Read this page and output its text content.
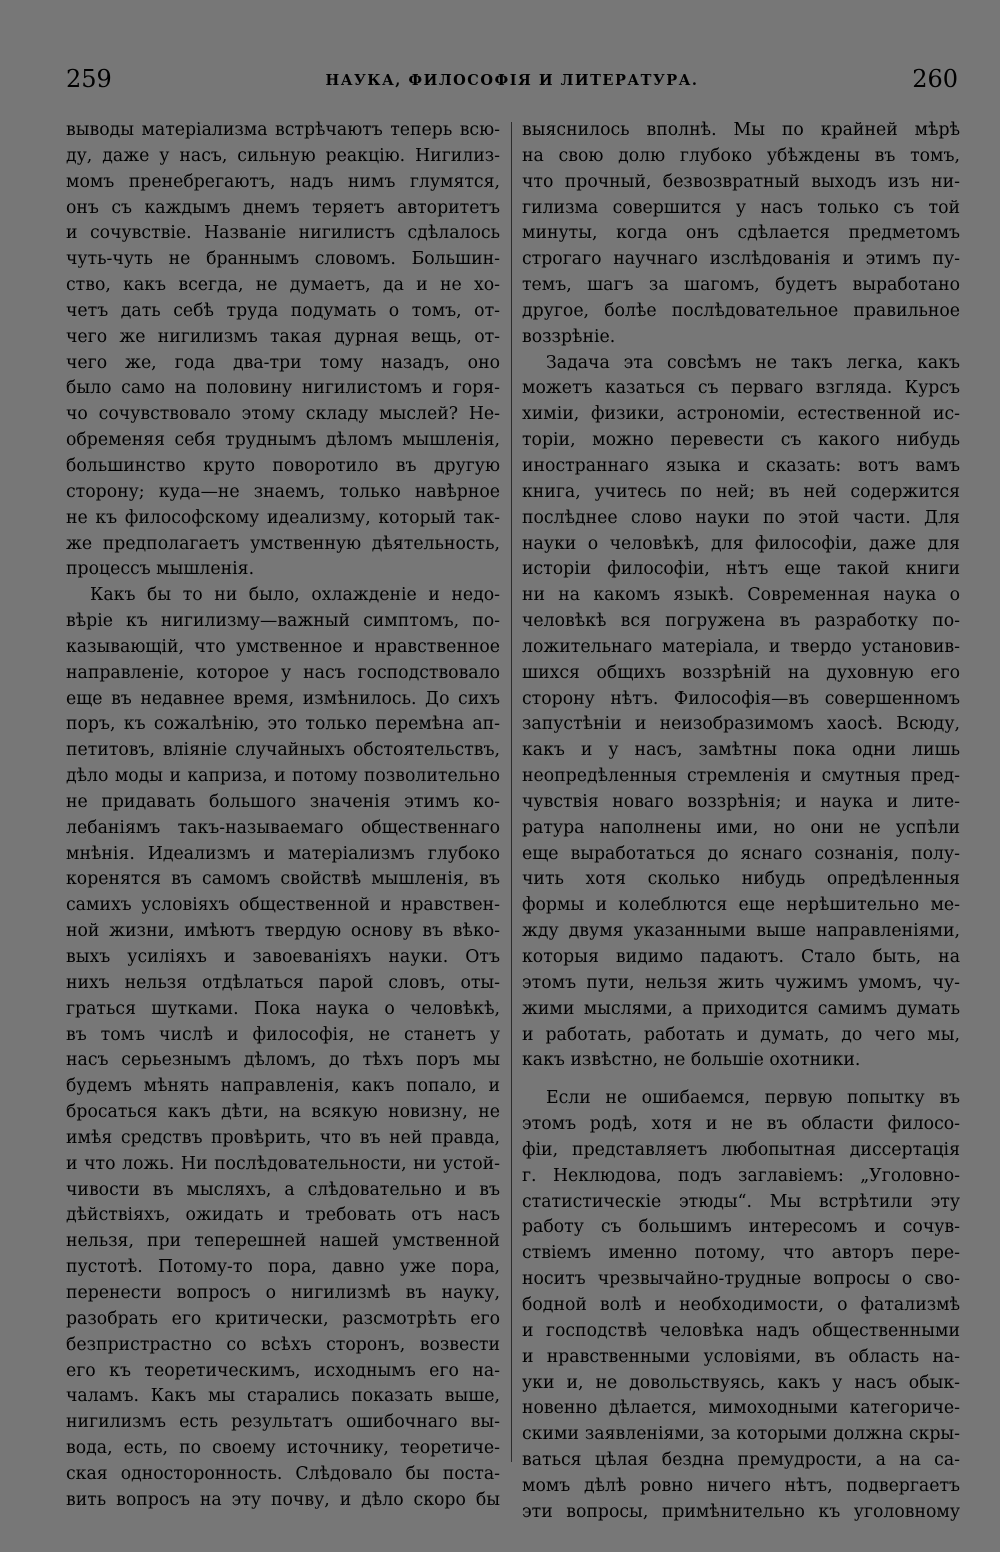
259	НАУКА, ФИЛОСОФІЯ И ЛИТЕРАТУРА.	260
выводы матеріализма встрѣчаютъ теперь всю-
ду, даже у насъ, сильную реакцію. Нигилиз-
момъ пренебрегаютъ, надъ нимъ глумятся,
онъ съ каждымъ днемъ теряетъ авторитетъ
и сочувствіе. Названіе нигилистъ сдѣлалось
чуть-чуть не браннымъ словомъ. Большин-
ство, какъ всегда, не думаетъ, да и не хо-
четъ дать себѣ труда подумать о томъ, от-
чего же нигилизмъ такая дурная вещь, от-
чего же, года два-три тому назадъ, оно
было само на половину нигилистомъ и горя-
чо сочувствовало этому складу мыслей? Не-
обременяя себя труднымъ дѣломъ мышленія,
большинство круто поворотило въ другую
сторону; куда—не знаемъ, только навѣрное
не къ философскому идеализму, который так-
же предполагаетъ умственную дѣятельность,
процессъ мышленія.
Какъ бы то ни было, охлажденіе и недо-
вѣріе къ нигилизму—важный симптомъ, по-
казывающій, что умственное и нравственное
направленіе, которое у насъ господствовало
еще въ недавнее время, измѣнилось. До сихъ
поръ, къ сожалѣнію, это только перемѣна ап-
петитовъ, вліяніе случайныхъ обстоятельствъ,
дѣло моды и каприза, и потому позволительно
не придавать большого значенія этимъ ко-
лебаніямъ такъ-называемаго общественнаго
мнѣнія. Идеализмъ и матеріализмъ глубоко
коренятся въ самомъ свойствѣ мышленія, въ
самихъ условіяхъ общественной и нравствен-
ной жизни, имѣютъ твердую основу въ вѣко-
выхъ усиліяхъ и завоеваніяхъ науки. Отъ
нихъ нельзя отдѣлаться парой словъ, оты-
граться шутками. Пока наука о человѣкѣ,
въ томъ числѣ и философія, не станетъ у
насъ серьезнымъ дѣломъ, до тѣхъ поръ мы
будемъ мѣнять направленія, какъ попало, и
бросаться какъ дѣти, на всякую новизну, не
имѣя средствъ провѣрить, что въ ней правда,
и что ложь. Ни послѣдовательности, ни устой-
чивости въ мысляхъ, а слѣдовательно и въ
дѣйствіяхъ, ожидать и требовать отъ насъ
нельзя, при теперешней нашей умственной
пустотѣ. Потому-то пора, давно уже пора,
перенести вопросъ о нигилизмѣ въ науку,
разобрать его критически, разсмотрѣть его
безпристрастно со всѣхъ сторонъ, возвести
его къ теоретическимъ, исходнымъ его на-
чаламъ. Какъ мы старались показать выше,
нигилизмъ есть результатъ ошибочнаго вы-
вода, есть, по своему источнику, теоретиче-
ская односторонность. Слѣдовало бы поста-
вить вопросъ на эту почву, и дѣло скоро бы
выяснилось вполнѣ. Мы по крайней мѣрѣ
на свою долю глубоко убѣждены въ томъ,
что прочный, безвозвратный выходъ изъ ни-
гилизма совершится у насъ только съ той
минуты, когда онъ сдѣлается предметомъ
строгаго научнаго изслѣдованія и этимъ пу-
темъ, шагъ за шагомъ, будетъ выработано
другое, болѣе послѣдовательное правильное
воззрѣніе.
Задача эта совсѣмъ не такъ легка, какъ
можетъ казаться съ перваго взгляда. Курсъ
химіи, физики, астрономіи, естественной ис-
торіи, можно перевести съ какого нибудь
иностраннаго языка и сказать: вотъ вамъ
книга, учитесь по ней; въ ней содержится
послѣднее слово науки по этой части. Для
науки о человѣкѣ, для философіи, даже для
исторіи философіи, нѣтъ еще такой книги
ни на какомъ языкѣ. Современная наука о
человѣкѣ вся погружена въ разработку по-
ложительнаго матеріала, и твердо установив-
шихся общихъ воззрѣній на духовную его
сторону нѣтъ. Философія—въ совершенномъ
запустѣніи и неизобразимомъ хаосѣ. Всюду,
какъ и у насъ, замѣтны пока одни лишь
неопредѣленныя стремленія и смутныя пред-
чувствія новаго воззрѣнія; и наука и лите-
ратура наполнены ими, но они не успѣли
еще выработаться до яснаго сознанія, полу-
чить хотя сколько нибудь опредѣленныя
формы и колеблются еще нерѣшительно ме-
жду двумя указанными выше направленіями,
которыя видимо падаютъ. Стало быть, на
этомъ пути, нельзя жить чужимъ умомъ, чу-
жими мыслями, а приходится самимъ думать
и работать, работать и думать, до чего мы,
какъ извѣстно, не большіе охотники.
Если не ошибаемся, первую попытку въ
этомъ родѣ, хотя и не въ области филосо-
фіи, представляетъ любопытная диссертація
г. Неклюдова, подъ заглавіемъ: „Уголовно-
статистическіе этюды“. Мы встрѣтили эту
работу съ большимъ интересомъ и сочув-
ствіемъ именно потому, что авторъ пере-
носитъ чрезвычайно-трудные вопросы о сво-
бодной волѣ и необходимости, о фатализмѣ
и господствѣ человѣка надъ общественными
и нравственными условіями, въ область на-
уки и, не довольствуясь, какъ у насъ обык-
новенно дѣлается, мимоходными категориче-
скими заявленіями, за которыми должна скры-
ваться цѣлая бездна премудрости, а на са-
момъ дѣлѣ ровно ничего нѣтъ, подвергаетъ
эти вопросы, примѣнительно къ уголовному
